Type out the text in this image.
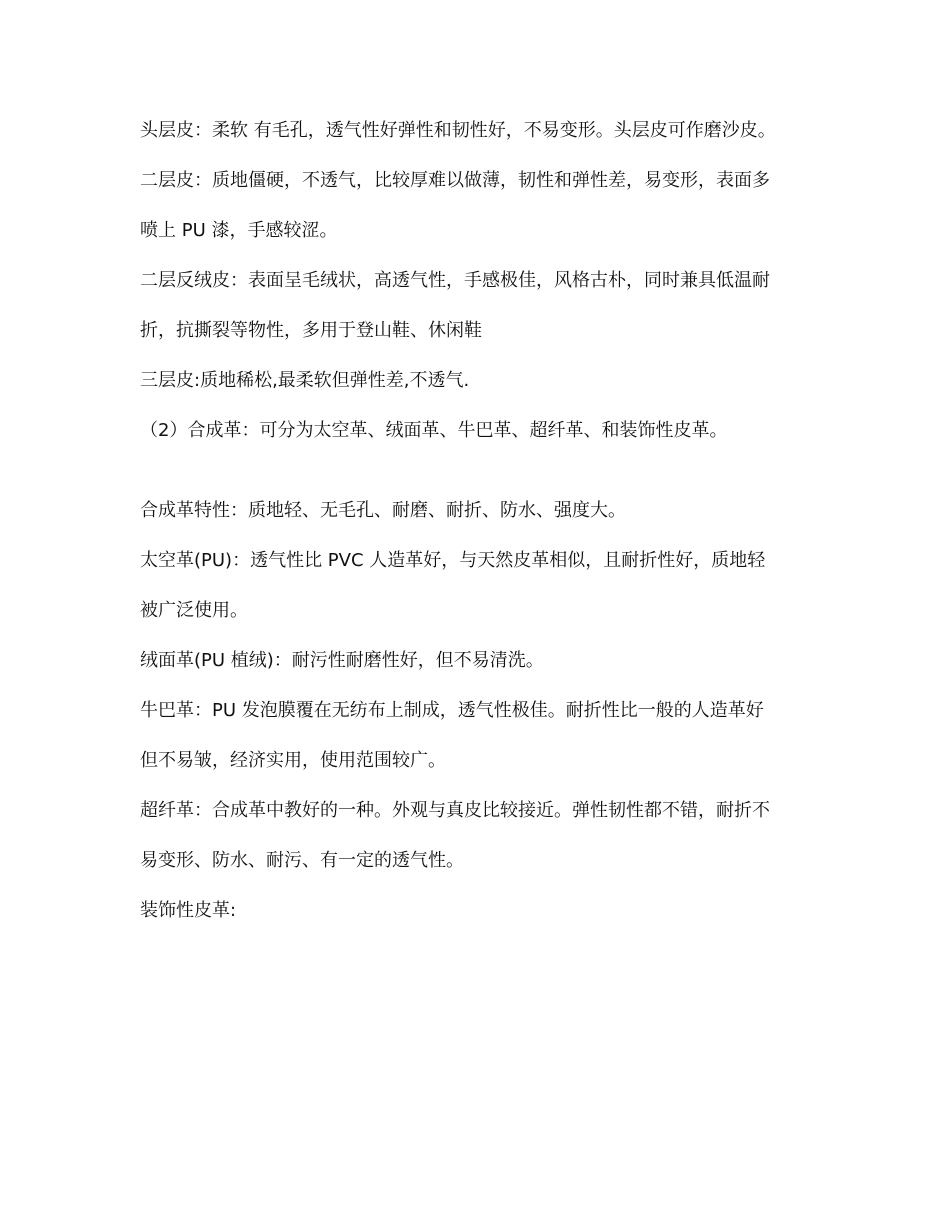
头层皮：柔软 有毛孔，透气性好弹性和韧性好，不易变形。头层皮可作磨沙皮。

二层皮：质地僵硬，不透气，比较厚难以做薄，韧性和弹性差，易变形，表面多

喷上 PU 漆，手感较涩。

二层反绒皮：表面呈毛绒状，高透气性，手感极佳，风格古朴，同时兼具低温耐

折，抗撕裂等物性，多用于登山鞋、休闲鞋

三层皮:质地稀松,最柔软但弹性差,不透气.

（2）合成革：可分为太空革、绒面革、牛巴革、超纤革、和装饰性皮革。

合成革特性：质地轻、无毛孔、耐磨、耐折、防水、强度大。

太空革(PU)：透气性比 PVC 人造革好，与天然皮革相似，且耐折性好，质地轻

被广泛使用。

绒面革(PU 植绒)：耐污性耐磨性好，但不易清洗。

牛巴革：PU 发泡膜覆在无纺布上制成，透气性极佳。耐折性比一般的人造革好

但不易皱，经济实用，使用范围较广。

超纤革：合成革中教好的一种。外观与真皮比较接近。弹性韧性都不错，耐折不

易变形、防水、耐污、有一定的透气性。

装饰性皮革:
